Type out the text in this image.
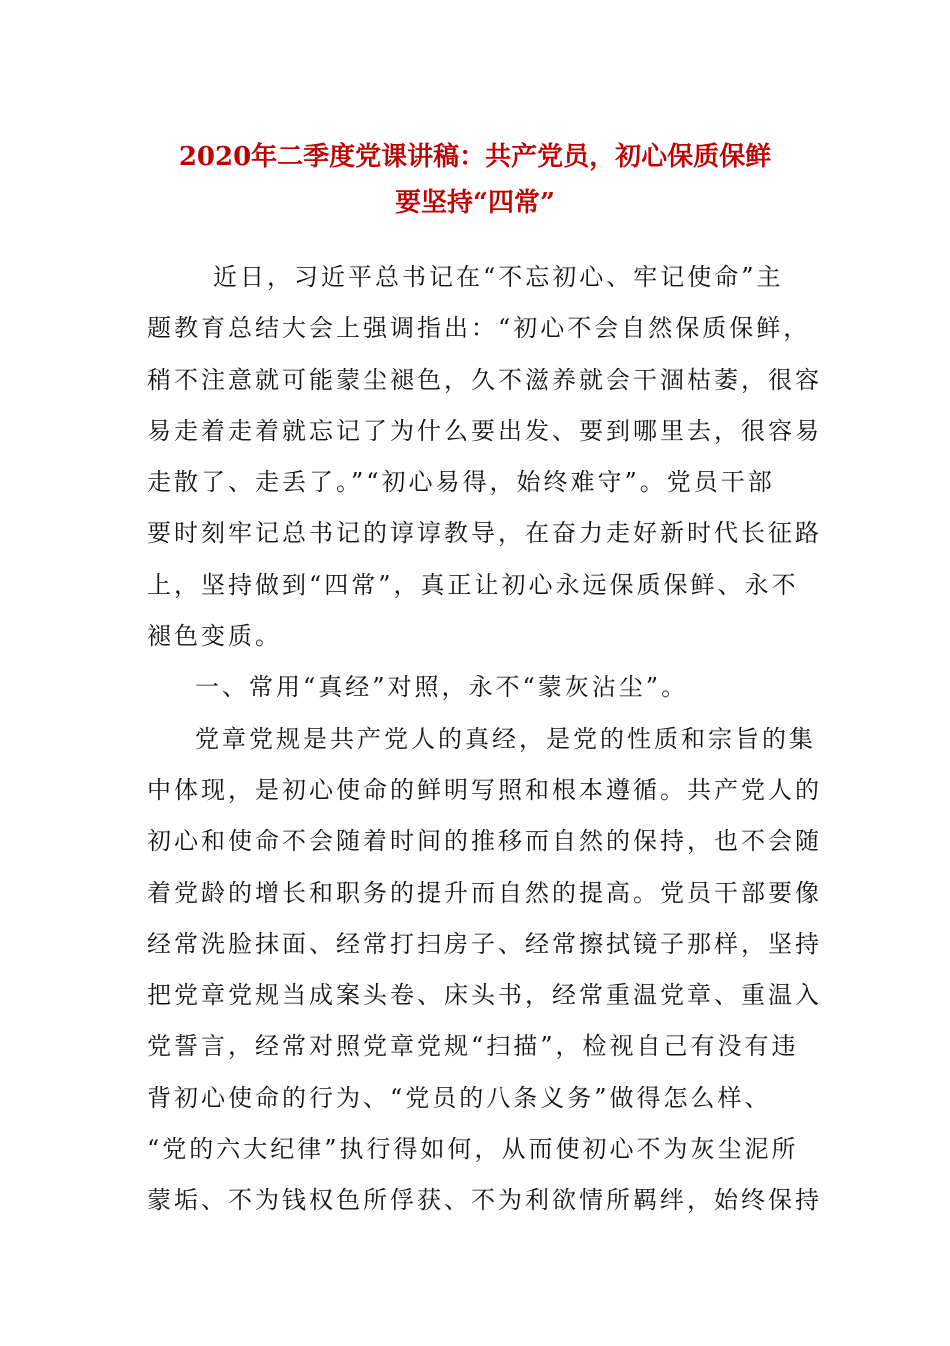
2020年二季度党课讲稿：共产党员，初心保质保鲜
要坚持“四常”
近日，习近平总书记在“不忘初心、牢记使命”主
题教育总结大会上强调指出：“初心不会自然保质保鲜，
稍不注意就可能蒙尘褪色，久不滋养就会干涸枯萎，很容
易走着走着就忘记了为什么要出发、要到哪里去，很容易
走散了、走丢了。”“初心易得，始终难守”。党员干部
要时刻牢记总书记的谆谆教导，在奋力走好新时代长征路
上，坚持做到“四常”，真正让初心永远保质保鲜、永不
褪色变质。
一、常用“真经”对照，永不“蒙灰沾尘”。
党章党规是共产党人的真经，是党的性质和宗旨的集
中体现，是初心使命的鲜明写照和根本遵循。共产党人的
初心和使命不会随着时间的推移而自然的保持，也不会随
着党龄的增长和职务的提升而自然的提高。党员干部要像
经常洗脸抹面、经常打扫房子、经常擦拭镜子那样，坚持
把党章党规当成案头卷、床头书，经常重温党章、重温入
党誓言，经常对照党章党规“扫描”，检视自己有没有违
背初心使命的行为、“党员的八条义务”做得怎么样、
“党的六大纪律”执行得如何，从而使初心不为灰尘泥所
蒙垢、不为钱权色所俘获、不为利欲情所羁绊，始终保持
